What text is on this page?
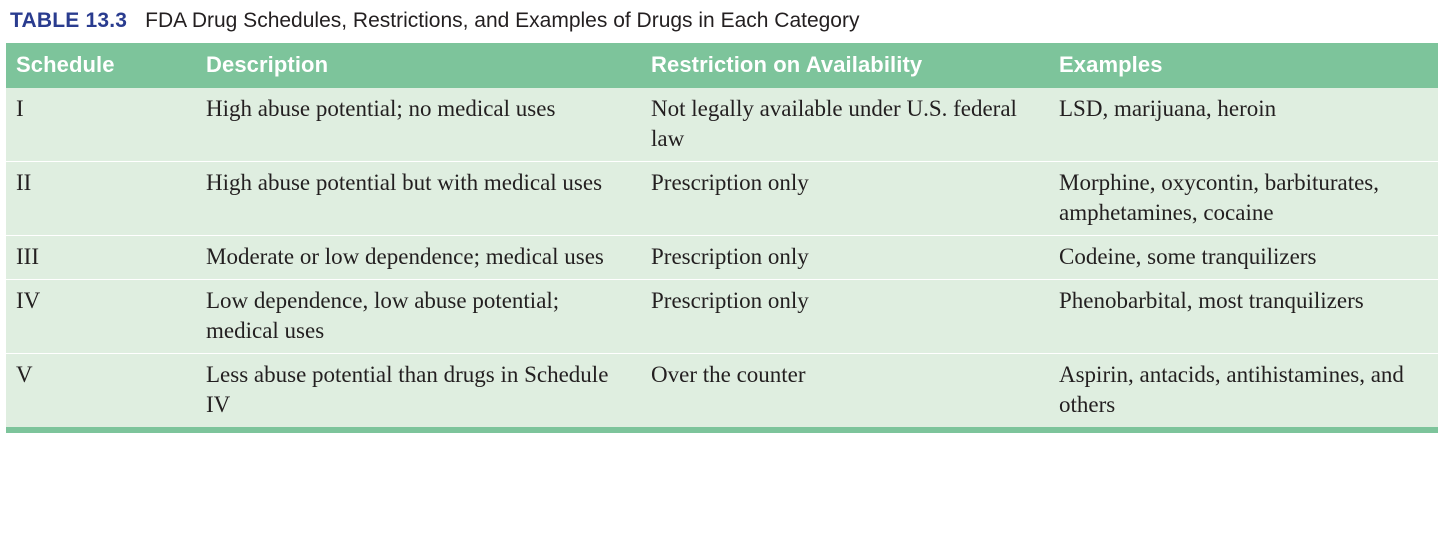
TABLE 13.3 FDA Drug Schedules, Restrictions, and Examples of Drugs in Each Category
Schedule	Description	Restriction on Availability	Examples
I	High abuse potential; no medical uses	Not legally available under U.S. federal law	LSD, marijuana, heroin
II	High abuse potential but with medical uses	Prescription only	Morphine, oxycontin, barbiturates, amphetamines, cocaine
III	Moderate or low dependence; medical uses	Prescription only	Codeine, some tranquilizers
IV	Low dependence, low abuse potential; medical uses	Prescription only	Phenobarbital, most tranquilizers
V	Less abuse potential than drugs in Schedule IV	Over the counter	Aspirin, antacids, antihistamines, and others
